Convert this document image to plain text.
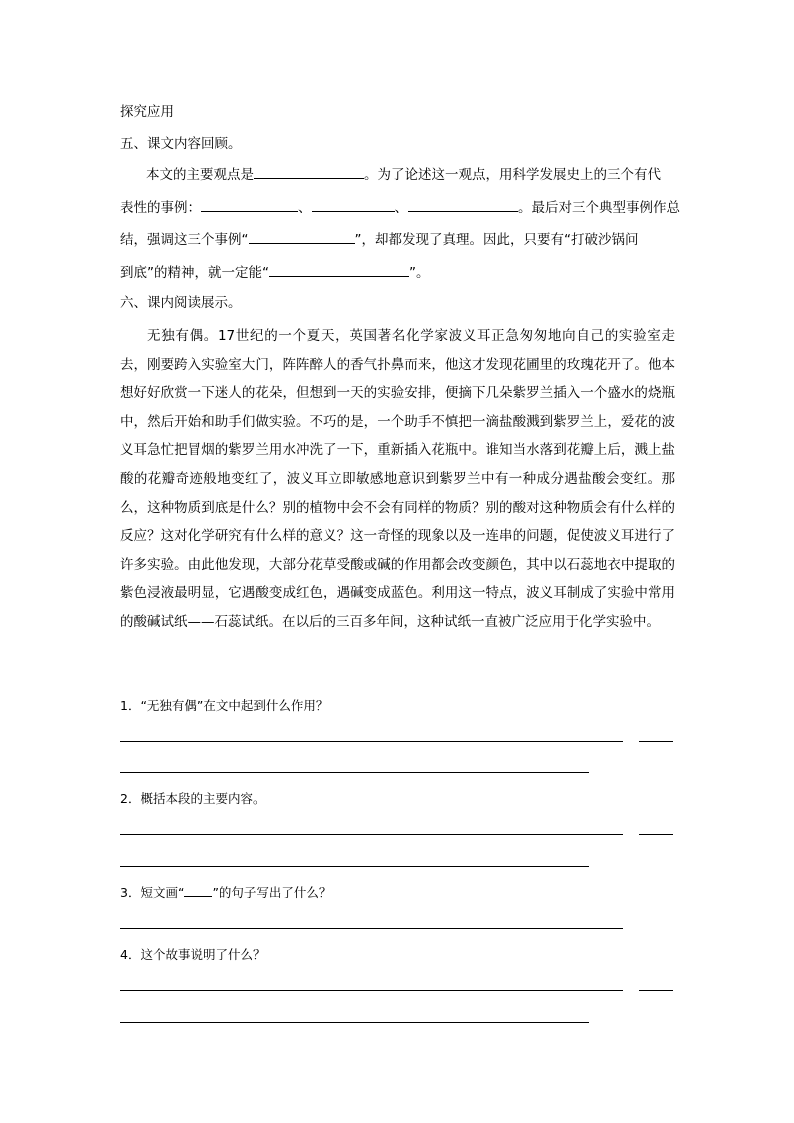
探究应用
五、课文内容回顾。
本文的主要观点是	。为了论述这一观点，用科学发展史上的三个有代
表性的事例：	、	、	。最后对三个典型事例作总
结，强调这三个事例“	”，却都发现了真理。因此，只要有“打破沙锅问
到底”的精神，就一定能“	”。
六、课内阅读展示。
无独有偶。17世纪的一个夏天，英国著名化学家波义耳正急匆匆地向自己的实验室走去，刚要跨入实验室大门，阵阵醉人的香气扑鼻而来，他这才发现花圃里的玫瑰花开了。他本想好好欣赏一下迷人的花朵，但想到一天的实验安排，便摘下几朵紫罗兰插入一个盛水的烧瓶中，然后开始和助手们做实验。不巧的是，一个助手不慎把一滴盐酸溅到紫罗兰上，爱花的波义耳急忙把冒烟的紫罗兰用水冲洗了一下，重新插入花瓶中。谁知当水落到花瓣上后，溅上盐酸的花瓣奇迹般地变红了，波义耳立即敏感地意识到紫罗兰中有一种成分遇盐酸会变红。那么，这种物质到底是什么？别的植物中会不会有同样的物质？别的酸对这种物质会有什么样的反应？这对化学研究有什么样的意义？这一奇怪的现象以及一连串的问题，促使波义耳进行了许多实验。由此他发现，大部分花草受酸或碱的作用都会改变颜色，其中以石蕊地衣中提取的紫色浸液最明显，它遇酸变成红色，遇碱变成蓝色。利用这一特点，波义耳制成了实验中常用的酸碱试纸——石蕊试纸。在以后的三百多年间，这种试纸一直被广泛应用于化学实验中。
1．“无独有偶”在文中起到什么作用？
2．概括本段的主要内容。
3．短文画“ ”的句子写出了什么？
4．这个故事说明了什么？
